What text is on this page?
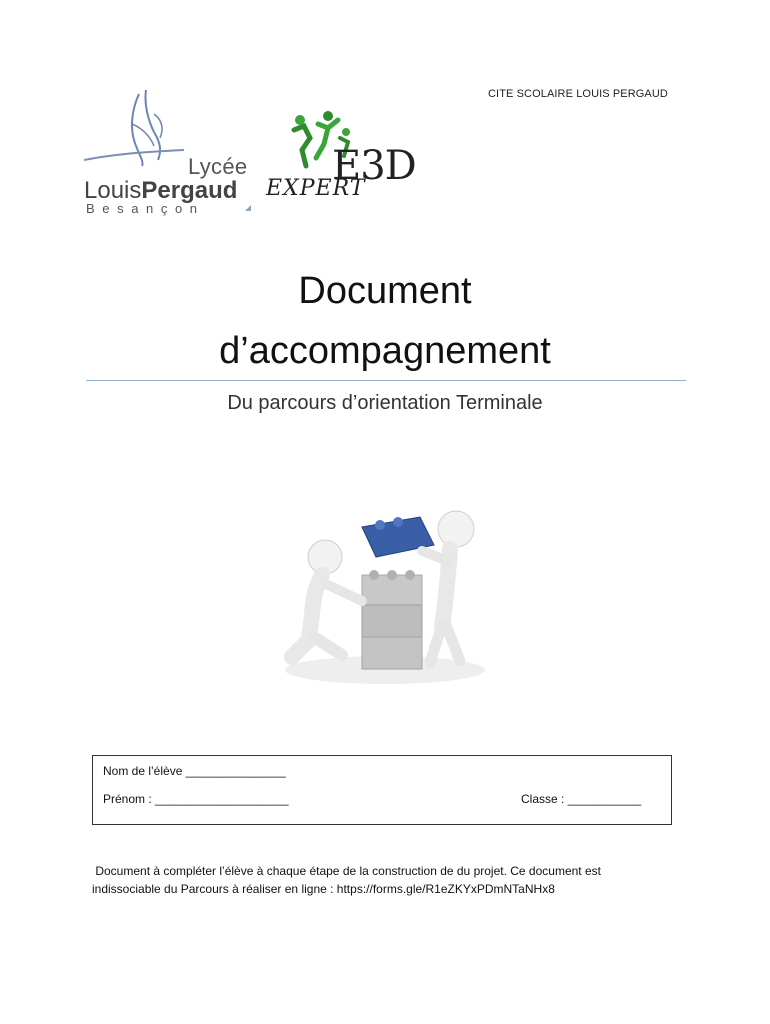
CITE SCOLAIRE LOUIS PERGAUD
Lycée
LouisPergaud
Besançon
E3D
EXPERT
Document
d’accompagnement
Du parcours d’orientation Terminale
Nom de l’élève _______________
Prénom : ____________________	Classe : ___________
Document à compléter l’élève à chaque étape de la construction de du projet. Ce document est
indissociable du Parcours à réaliser en ligne : https://forms.gle/R1eZKYxPDmNTaNHx8
